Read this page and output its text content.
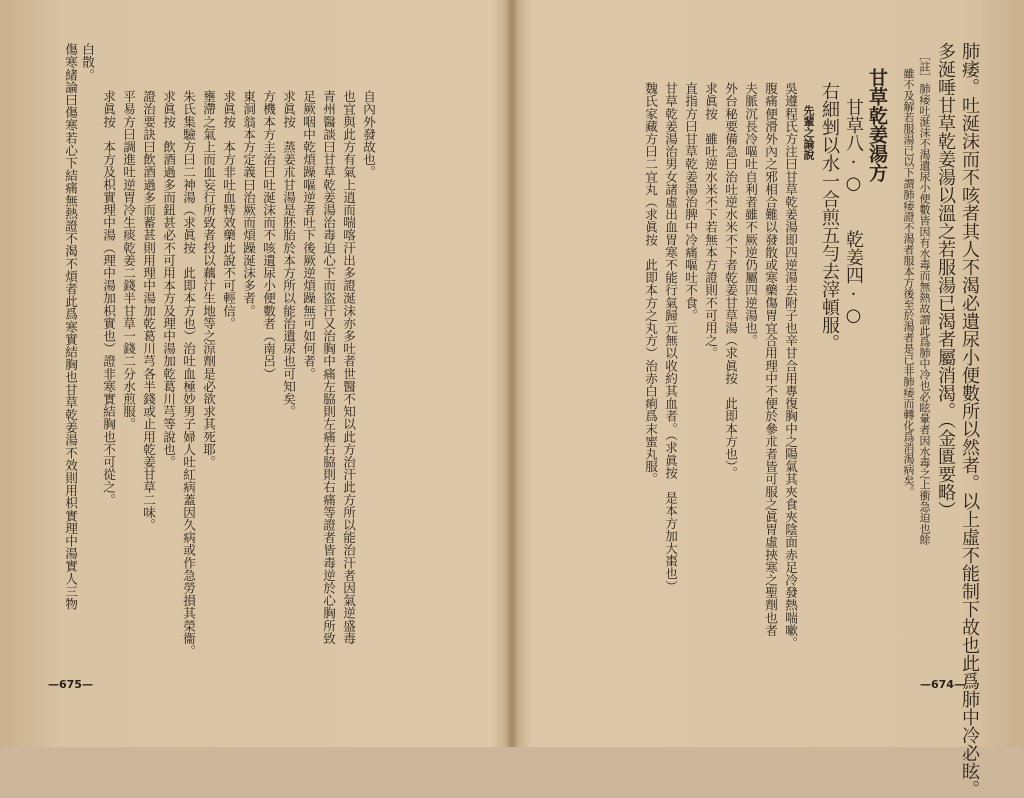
傷寒緒論曰傷寒若心下結痛無熱證不渴不煩者此爲寒實結胸也甘草乾姜湯不效則用枳實理中湯實人三物 白散。
求眞按　本方及枳實理中湯（理中湯加枳實也）證非寒實結胸也不可從之。 平易方曰調進吐逆胃冷生痰乾姜二錢半甘草一錢二分水煎服。 證治要訣曰飲酒過多而蓄甚則用理中湯加乾葛川芎各半錢或止用乾姜甘草二味。 求眞按　飲酒過多而鈕甚必不可用本方及理中湯加乾葛川芎等說也。 朱氏集驗方曰二神湯（求眞按　此即本方也）治吐血極妙男子婦人吐紅病蓋因久病或作急勞損其榮衞。 壅滯之氣上而血妄行所致者投以藕汁生地等之涼劑是必欲求其死耶。 求眞按　本方非吐血特效藥此說不可輕信。 東洞翁本方定義曰治厥而煩躁涎沫多者。 方機本方主治曰吐涎沫而不咳遺尿小便數者（南呂） 求眞按　蒸姜朮甘湯是胚胎於本方所以能治遺尿也可知矣。 足厥咽中乾煩躁嘔逆者吐下後厥逆煩躁無可如何者。 青州醫談曰甘草乾姜湯治毒迫心下而盜汗又治胸中痛左脇則左痛右脇則右痛等證者皆毒逆於心胸所致 也宜與此方有氣上逍而喘喀汗出多證涎沫亦多吐者世醫不知以此方治汗此方所以能治汗者因氣逆盛毒 自內外發故也。
—675—	肺痿。吐涎沫而不咳者其人不渴必遺尿小便數所以然者。以上虛不能制下故也此爲肺中冷必眩。
多涎唾甘草乾姜湯以溫之若服湯已渴者屬消渴。（金匱要略）
［註］肺痿吐涎沫不渴遺尿小便數皆因有水毒而無熱故謂此爲肺中冷也必眩暈者因水毒之上衝急迫也餘
雖不及解若服湯已以下謂肺痿證不渴者服本方後至於渴者是已非肺痿而轉化爲消渴病矣。
甘草乾姜湯方
甘草八·○　　乾姜四·○
右細剉以水一合煎五勻去滓頓服。
先輩之論說
吳遵程氏方注曰甘草乾姜湯即四逆湯去附子也辛甘合用專復胸中之陽氣其夾食夾陰面赤足冷發熱喘嗽。
腹痛便滑外內之邪相合難以發散或寒藥傷胃宜合用理中不便於參朮者皆可服之眞胃虛挾寒之聖劑也者
夫脈沉長冷嘔吐自利者雖不厥逆仍屬四逆湯也。
外台秘要備急曰治吐逆水米不下者乾姜甘草湯（求眞按　此即本方也）。
求眞按　雖吐逆水米不下若無本方證則不可用之。
直指方曰甘草乾姜湯治脾中冷痛嘔吐不食。
甘草乾姜湯治男女諸虛出血胃寒不能行氣歸元無以收約其血者。（求眞按　是本方加大棗也）
魏氏家藏方曰二宜丸（求眞按　此即本方之丸方）治赤白痢爲末蜜丸服。
—674—
